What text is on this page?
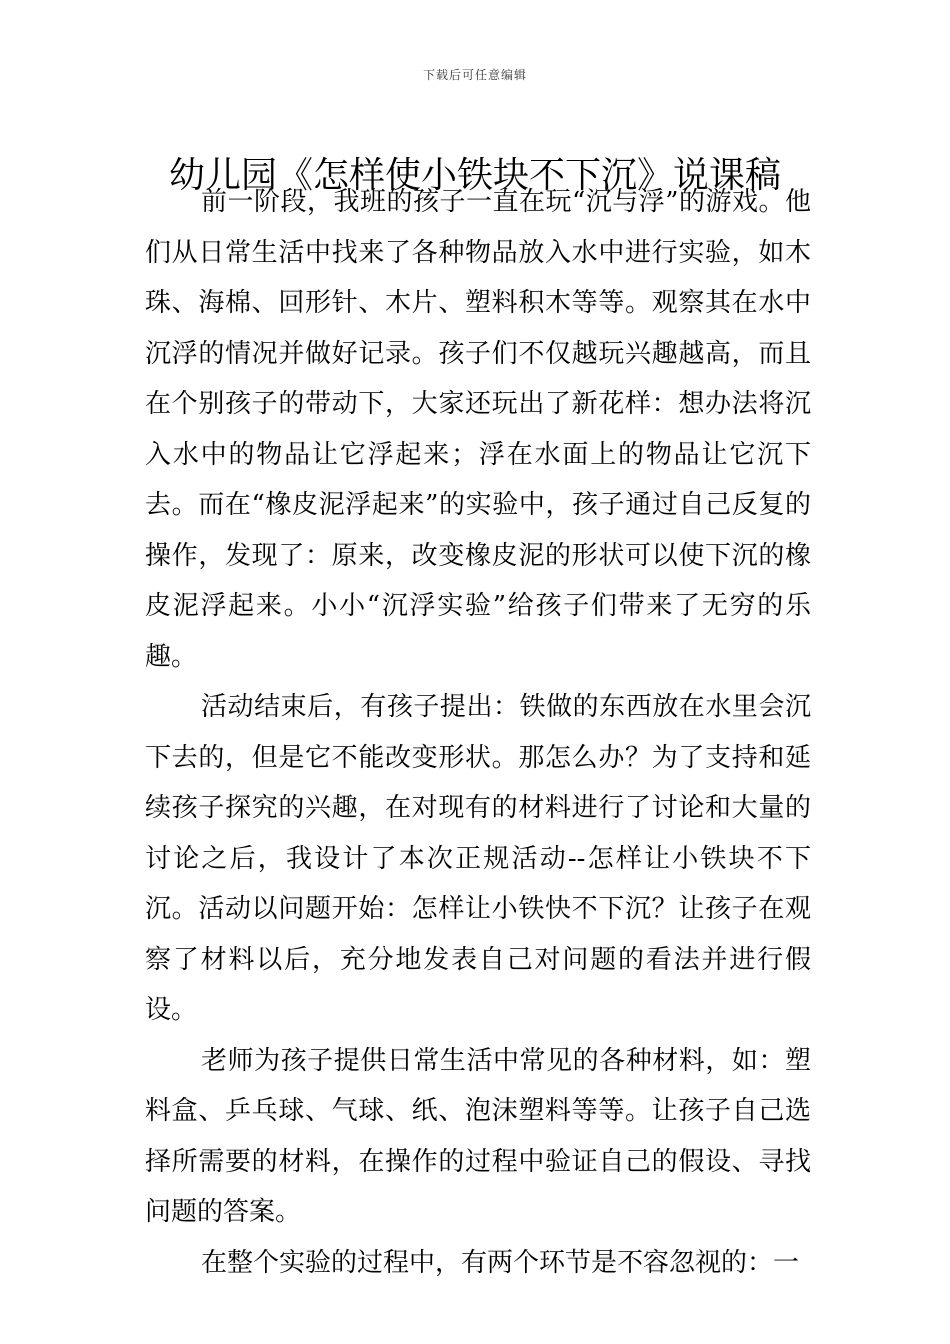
下载后可任意编辑
幼儿园《怎样使小铁块不下沉》说课稿

前一阶段，我班的孩子一直在玩“沉与浮”的游戏。他们从日常生活中找来了各种物品放入水中进行实验，如木珠、海棉、回形针、木片、塑料积木等等。观察其在水中沉浮的情况并做好记录。孩子们不仅越玩兴趣越高，而且在个别孩子的带动下，大家还玩出了新花样：想办法将沉入水中的物品让它浮起来；浮在水面上的物品让它沉下去。而在“橡皮泥浮起来”的实验中，孩子通过自己反复的操作，发现了：原来，改变橡皮泥的形状可以使下沉的橡皮泥浮起来。小小“沉浮实验”给孩子们带来了无穷的乐趣。

活动结束后，有孩子提出：铁做的东西放在水里会沉下去的，但是它不能改变形状。那怎么办？为了支持和延续孩子探究的兴趣，在对现有的材料进行了讨论和大量的讨论之后，我设计了本次正规活动--怎样让小铁块不下沉。活动以问题开始：怎样让小铁快不下沉？让孩子在观察了材料以后，充分地发表自己对问题的看法并进行假设。

老师为孩子提供日常生活中常见的各种材料，如：塑料盒、乒乓球、气球、纸、泡沫塑料等等。让孩子自己选择所需要的材料，在操作的过程中验证自己的假设、寻找问题的答案。

在整个实验的过程中，有两个环节是不容忽视的：一
